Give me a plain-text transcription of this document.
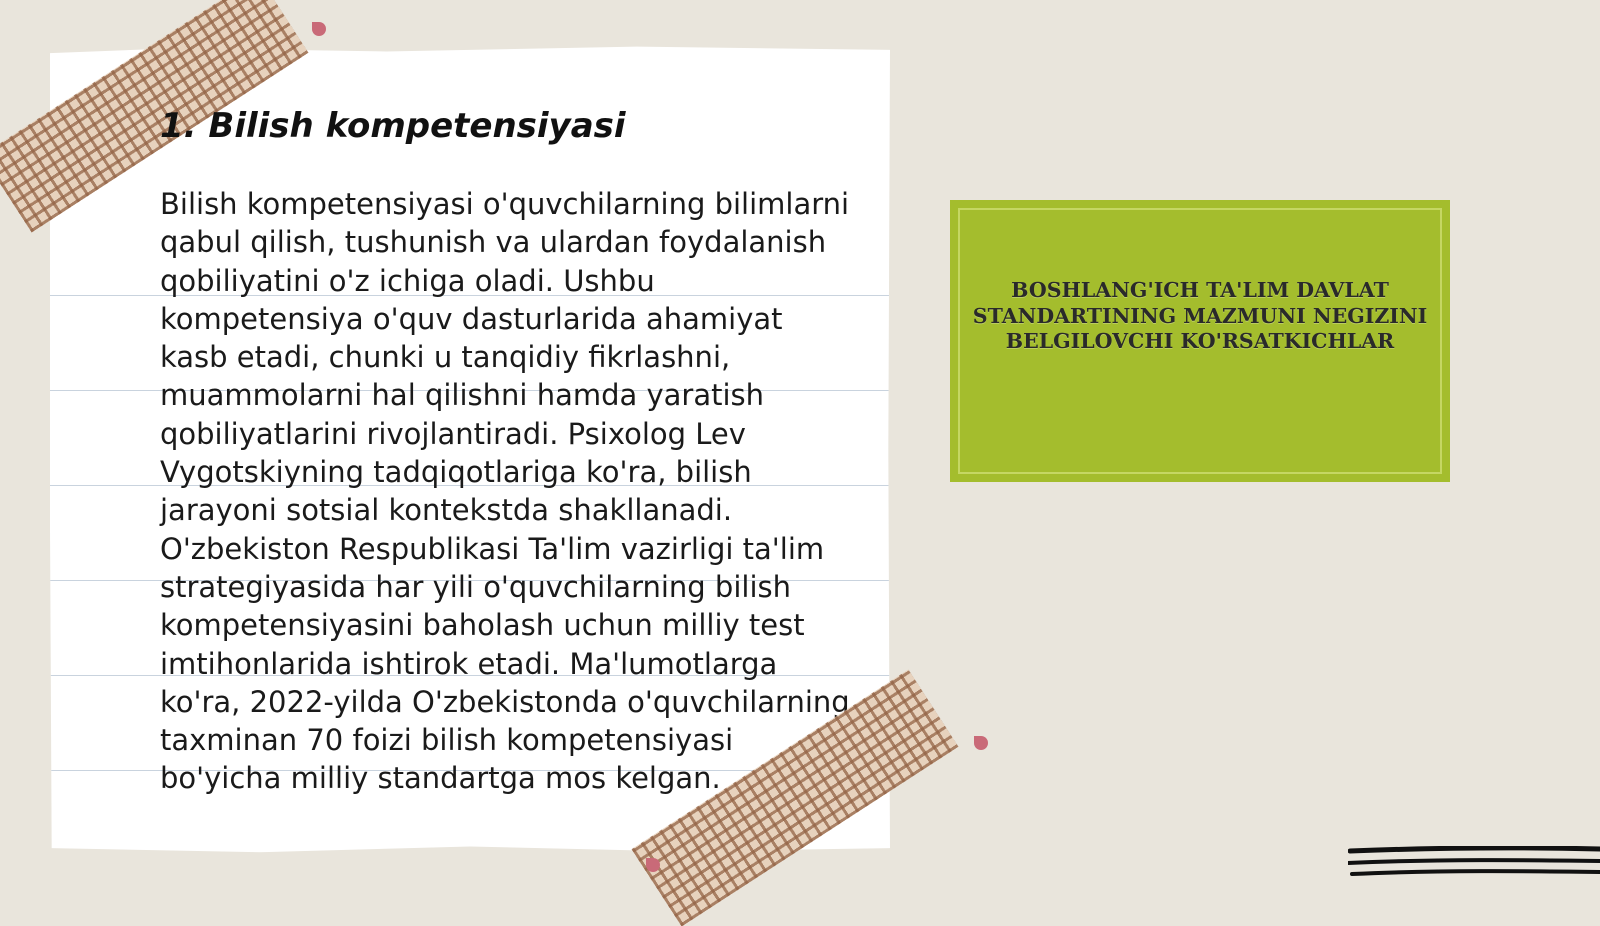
1. Bilish kompetensiyasi

Bilish kompetensiyasi o'quvchilarning bilimlarni qabul qilish, tushunish va ulardan foydalanish qobiliyatini o'z ichiga oladi. Ushbu kompetensiya o'quv dasturlarida ahamiyat kasb etadi, chunki u tanqidiy fikrlashni, muammolarni hal qilishni hamda yaratish qobiliyatlarini rivojlantiradi. Psixolog Lev Vygotskiyning tadqiqotlariga ko'ra, bilish jarayoni sotsial kontekstda shakllanadi. O'zbekiston Respublikasi Ta'lim vazirligi ta'lim strategiyasida har yili o'quvchilarning bilish kompetensiyasini baholash uchun milliy test imtihonlarida ishtirok etadi. Ma'lumotlarga ko'ra, 2022-yilda O'zbekistonda o'quvchilarning taxminan 70 foizi bilish kompetensiyasi bo'yicha milliy standartga mos kelgan.

BOSHLANG'ICH TA'LIM DAVLAT STANDARTINING MAZMUNI NEGIZINI BELGILOVCHI KO'RSATKICHLAR
